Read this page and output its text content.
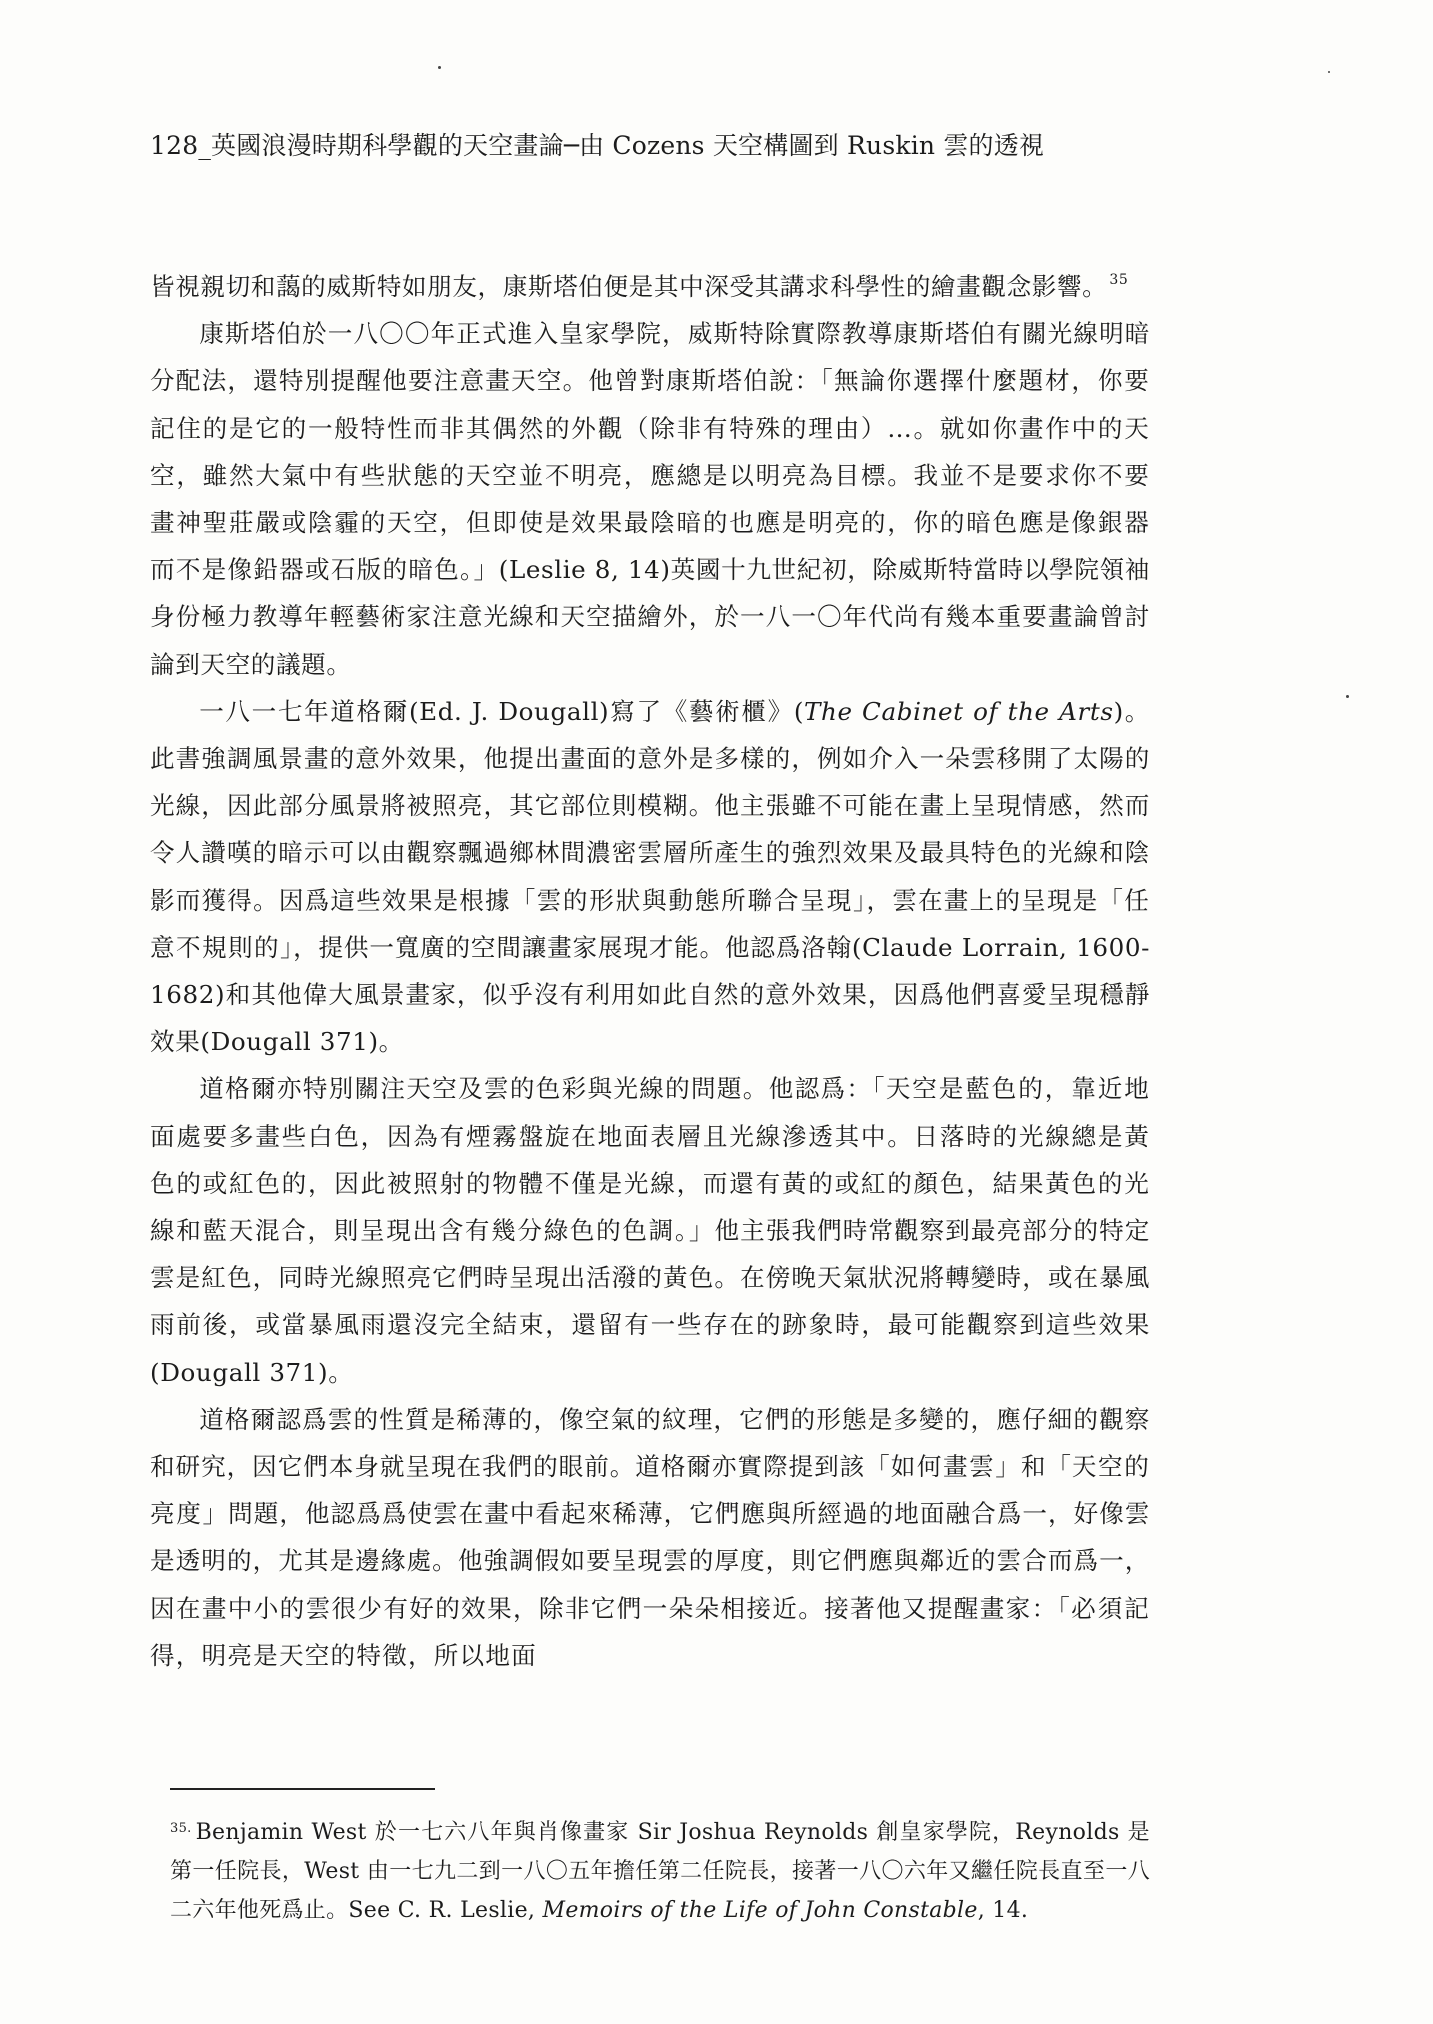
128_英國浪漫時期科學觀的天空畫論─由 Cozens 天空構圖到 Ruskin 雲的透視

皆視親切和藹的威斯特如朋友，康斯塔伯便是其中深受其講求科學性的繪畫觀念影響。 $^{35}$

康斯塔伯於一八〇〇年正式進入皇家學院，威斯特除實際教導康斯塔伯有關光線明暗分配法，還特別提醒他要注意畫天空。他曾對康斯塔伯說：「無論你選擇什麼題材，你要記住的是它的一般特性而非其偶然的外觀（除非有特殊的理由）…。就如你畫作中的天空，雖然大氣中有些狀態的天空並不明亮，應總是以明亮為目標。我並不是要求你不要畫神聖莊嚴或陰霾的天空，但即使是效果最陰暗的也應是明亮的，你的暗色應是像銀器而不是像鉛器或石版的暗色。」(Leslie 8, 14)英國十九世紀初，除威斯特當時以學院領袖身份極力教導年輕藝術家注意光線和天空描繪外，於一八一〇年代尚有幾本重要畫論曾討論到天空的議題。

一八一七年道格爾(Ed. J. Dougall)寫了《藝術櫃》(The Cabinet of the Arts)。此書強調風景畫的意外效果，他提出畫面的意外是多樣的，例如介入一朵雲移開了太陽的光線，因此部分風景將被照亮，其它部位則模糊。他主張雖不可能在畫上呈現情感，然而令人讚嘆的暗示可以由觀察飄過鄉林間濃密雲層所產生的強烈效果及最具特色的光線和陰影而獲得。因爲這些效果是根據「雲的形狀與動態所聯合呈現」，雲在畫上的呈現是「任意不規則的」，提供一寬廣的空間讓畫家展現才能。他認爲洛翰(Claude Lorrain, 1600-1682)和其他偉大風景畫家，似乎沒有利用如此自然的意外效果，因爲他們喜愛呈現穩靜效果(Dougall 371)。

道格爾亦特別關注天空及雲的色彩與光線的問題。他認爲：「天空是藍色的，靠近地面處要多畫些白色，因為有煙霧盤旋在地面表層且光線滲透其中。日落時的光線總是黃色的或紅色的，因此被照射的物體不僅是光線，而還有黃的或紅的顏色，結果黃色的光線和藍天混合，則呈現出含有幾分綠色的色調。」他主張我們時常觀察到最亮部分的特定雲是紅色，同時光線照亮它們時呈現出活潑的黃色。在傍晚天氣狀況將轉變時，或在暴風雨前後，或當暴風雨還沒完全結束，還留有一些存在的跡象時，最可能觀察到這些效果(Dougall 371)。

道格爾認爲雲的性質是稀薄的，像空氣的紋理，它們的形態是多變的，應仔細的觀察和研究，因它們本身就呈現在我們的眼前。道格爾亦實際提到該「如何畫雲」和「天空的亮度」問題，他認爲爲使雲在畫中看起來稀薄，它們應與所經過的地面融合爲一，好像雲是透明的，尤其是邊緣處。他強調假如要呈現雲的厚度，則它們應與鄰近的雲合而爲一，因在畫中小的雲很少有好的效果，除非它們一朵朵相接近。接著他又提醒畫家：「必須記得，明亮是天空的特徵，所以地面

$^{35.}$ Benjamin West 於一七六八年與肖像畫家 Sir Joshua Reynolds 創皇家學院，Reynolds 是第一任院長，West 由一七九二到一八〇五年擔任第二任院長，接著一八〇六年又繼任院長直至一八二六年他死爲止。See C. R. Leslie, Memoirs of the Life of John Constable, 14.
